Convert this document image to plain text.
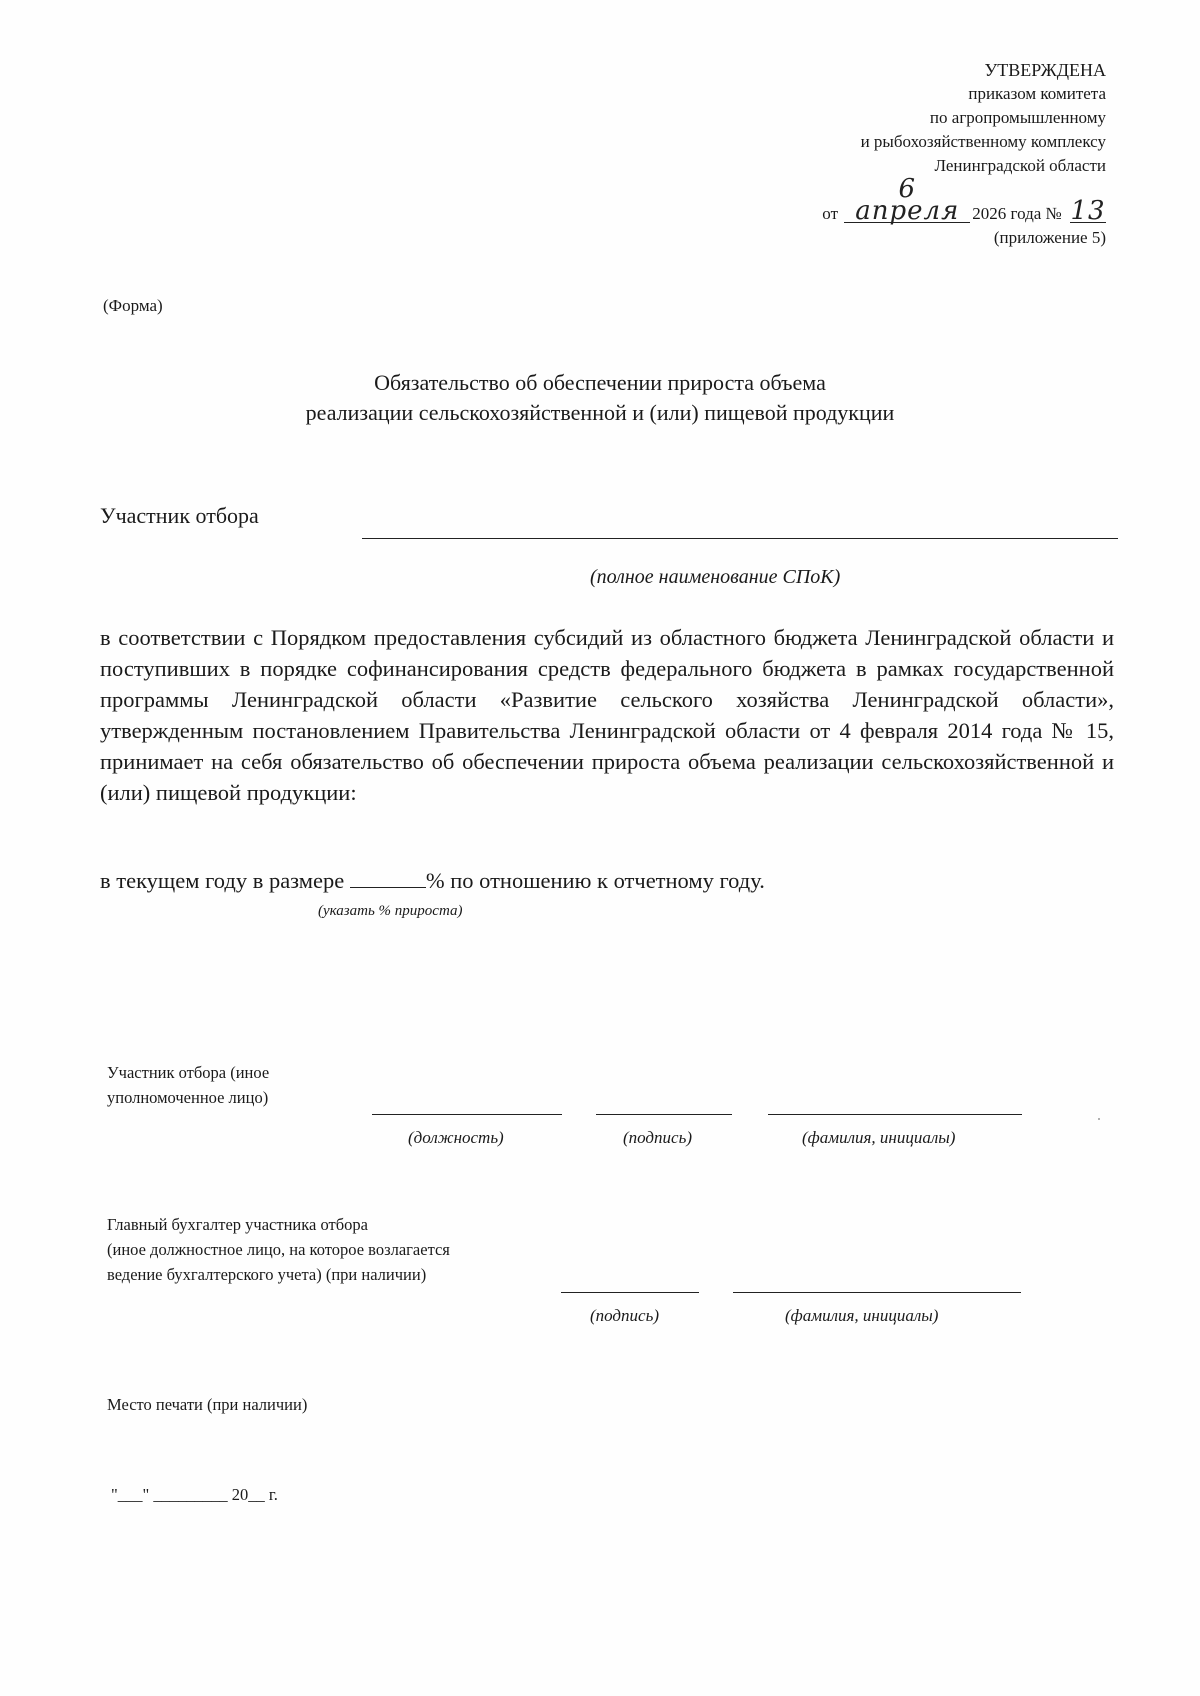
УТВЕРЖДЕНА
приказом комитета
по агропромышленному
и рыбохозяйственному комплексу
Ленинградской области
от 6 апреля 2026 года № 13
(приложение 5)
(Форма)
Обязательство об обеспечении прироста объема
реализации сельскохозяйственной и (или) пищевой продукции
Участник отбора
(полное наименование СПоК)
в соответствии с Порядком предоставления субсидий из областного бюджета Ленинградской области и поступивших в порядке софинансирования средств федерального бюджета в рамках государственной программы Ленинградской области «Развитие сельского хозяйства Ленинградской области», утвержденным постановлением Правительства Ленинградской области от 4 февраля 2014 года № 15, принимает на себя обязательство об обеспечении прироста объема реализации сельскохозяйственной и (или) пищевой продукции:
в текущем году в размере	% по отношению к отчетному году.
(указать % прироста)
Участник отбора (иное
уполномоченное лицо)
(должность)	(подпись)	(фамилия, инициалы)
Главный бухгалтер участника отбора
(иное должностное лицо, на которое возлагается
ведение бухгалтерского учета) (при наличии)
(подпись)	(фамилия, инициалы)
Место печати (при наличии)
"___" _________ 20__ г.
